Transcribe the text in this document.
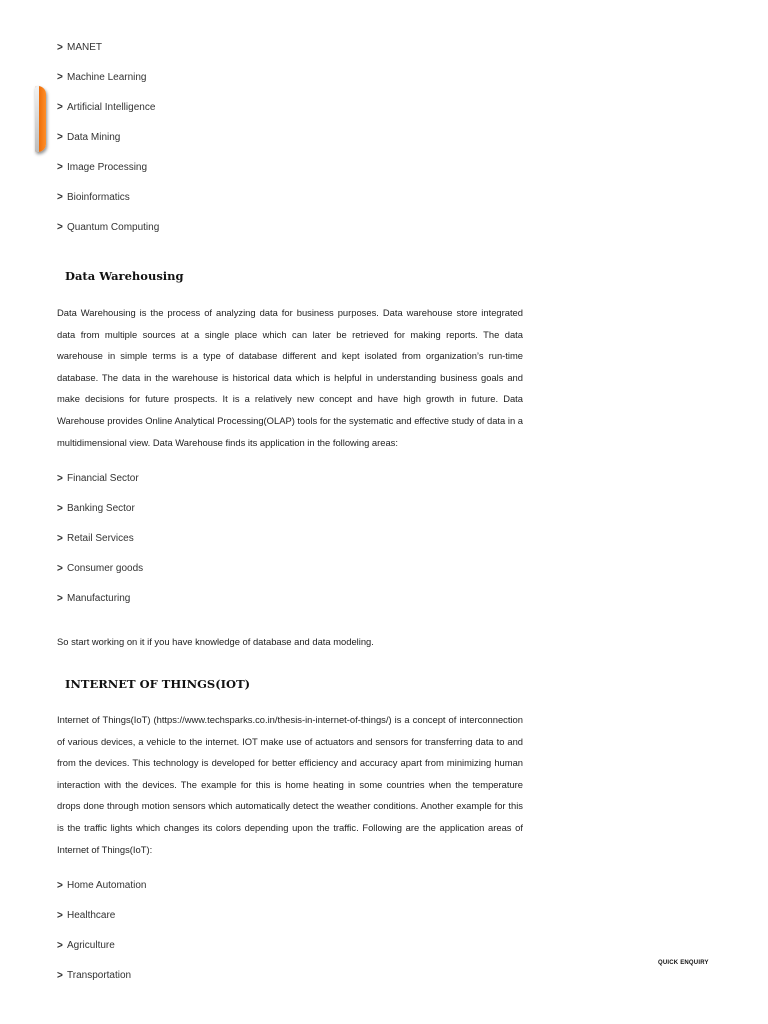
> MANET
> Machine Learning
> Artificial Intelligence
> Data Mining
> Image Processing
> Bioinformatics
> Quantum Computing
Data Warehousing

Data Warehousing is the process of analyzing data for business purposes. Data warehouse store integrated data from multiple sources at a single place which can later be retrieved for making reports. The data warehouse in simple terms is a type of database different and kept isolated from organization’s run-time database. The data in the warehouse is historical data which is helpful in understanding business goals and make decisions for future prospects. It is a relatively new concept and have high growth in future. Data Warehouse provides Online Analytical Processing(OLAP) tools for the systematic and effective study of data in a multidimensional view. Data Warehouse finds its application in the following areas:

> Financial Sector
> Banking Sector
> Retail Services
> Consumer goods
> Manufacturing

So start working on it if you have knowledge of database and data modeling.

INTERNET OF THINGS(IOT)

Internet of Things(IoT) (https://www.techsparks.co.in/thesis-in-internet-of-things/) is a concept of interconnection of various devices, a vehicle to the internet. IOT make use of actuators and sensors for transferring data to and from the devices. This technology is developed for better efficiency and accuracy apart from minimizing human interaction with the devices. The example for this is home heating in some countries when the temperature drops done through motion sensors which automatically detect the weather conditions. Another example for this is the traffic lights which changes its colors depending upon the traffic. Following are the application areas of Internet of Things(IoT):

> Home Automation
> Healthcare
> Agriculture
> Transportation
QUICK ENQUIRY
